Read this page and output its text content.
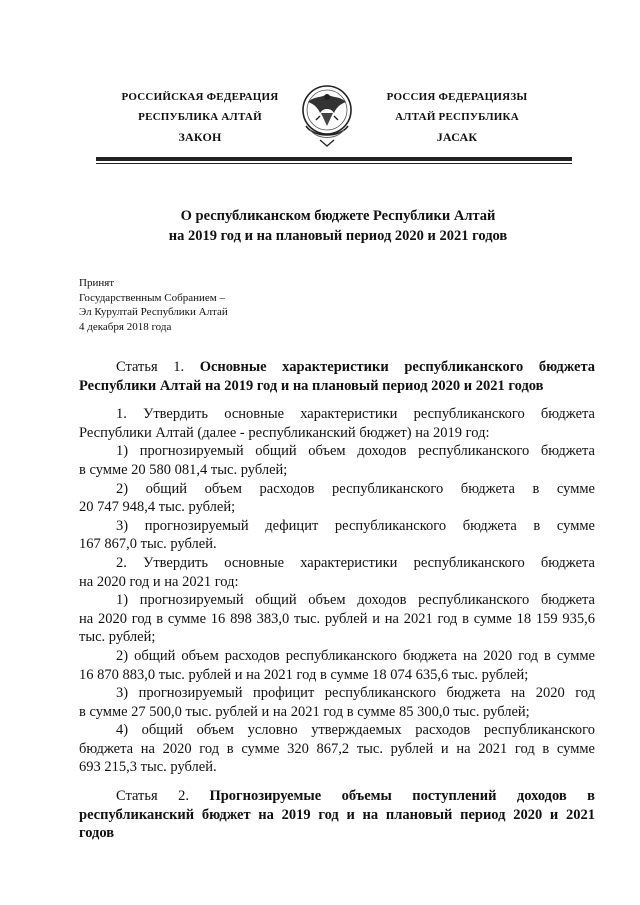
РОССИЙСКАЯ ФЕДЕРАЦИЯ
РЕСПУБЛИКА АЛТАЙ
ЗАКОН
РОССИЯ ФЕДЕРАЦИЯЗЫ
АЛТАЙ РЕСПУБЛИКА
JАСАК
О республиканском бюджете Республики Алтай
на 2019 год и на плановый период 2020 и 2021 годов
Принят
Государственным Собранием –
Эл Курултай Республики Алтай
4 декабря 2018 года

Статья 1. Основные характеристики республиканского бюджета

Республики Алтай на 2019 год и на плановый период 2020 и 2021 годов

1. Утвердить основные характеристики республиканского бюджета

Республики Алтай (далее - республиканский бюджет) на 2019 год:

1) прогнозируемый общий объем доходов республиканского бюджета

в сумме 20 580 081,4 тыс. рублей;

2) общий объем расходов республиканского бюджета в сумме

20 747 948,4 тыс. рублей;

3) прогнозируемый дефицит республиканского бюджета в сумме

167 867,0 тыс. рублей.

2. Утвердить основные характеристики республиканского бюджета

на 2020 год и на 2021 год:

1) прогнозируемый общий объем доходов республиканского бюджета

на 2020 год в сумме 16 898 383,0 тыс. рублей и на 2021 год в сумме 18 159 935,6

тыс. рублей;

2) общий объем расходов республиканского бюджета на 2020 год в сумме

16 870 883,0 тыс. рублей и на 2021 год в сумме 18 074 635,6 тыс. рублей;

3) прогнозируемый профицит республиканского бюджета на 2020 год

в сумме 27 500,0 тыс. рублей и на 2021 год в сумме 85 300,0 тыс. рублей;

4) общий объем условно утверждаемых расходов республиканского

бюджета на 2020 год в сумме 320 867,2 тыс. рублей и на 2021 год в сумме

693 215,3 тыс. рублей.

Статья 2. Прогнозируемые объемы поступлений доходов в

республиканский бюджет на 2019 год и на плановый период 2020 и 2021

годов
